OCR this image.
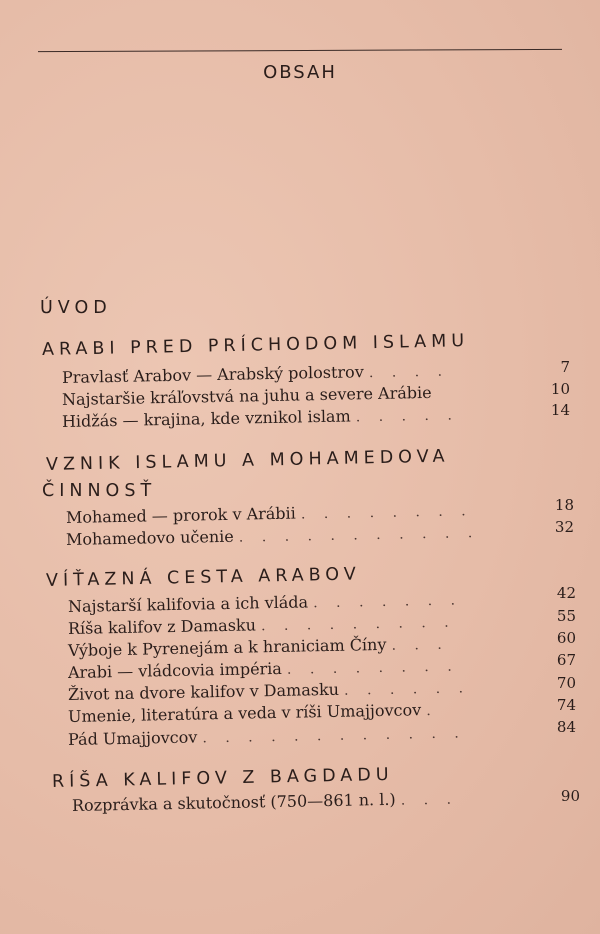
OBSAH
ÚVOD
ARABI PRED PRÍCHODOM ISLAMU
Pravlasť Arabov — Arabský polostrov . . . .	7
Najstaršie kráľovstvá na juhu a severe Arábie	10
Hidžás — krajina, kde vznikol islam . . . . .	14
VZNIK ISLAMU A MOHAMEDOVA
ČINNOSŤ
Mohamed — prorok v Arábii . . . . . . . .	18
Mohamedovo učenie . . . . . . . . . . .	32
VÍŤAZNÁ CESTA ARABOV
Najstarší kalifovia a ich vláda . . . . . . .	42
Ríša kalifov z Damasku . . . . . . . . .	55
Výboje k Pyrenejám a k hraniciam Číny . . .	60
Arabi — vládcovia impéria . . . . . . . .	67
Život na dvore kalifov v Damasku . . . . . .	70
Umenie, literatúra a veda v ríši Umajjovcov .	74
Pád Umajjovcov . . . . . . . . . . . .	84
RÍŠA KALIFOV Z BAGDADU
Rozprávka a skutočnosť (750—861 n. l.) . . .	90
